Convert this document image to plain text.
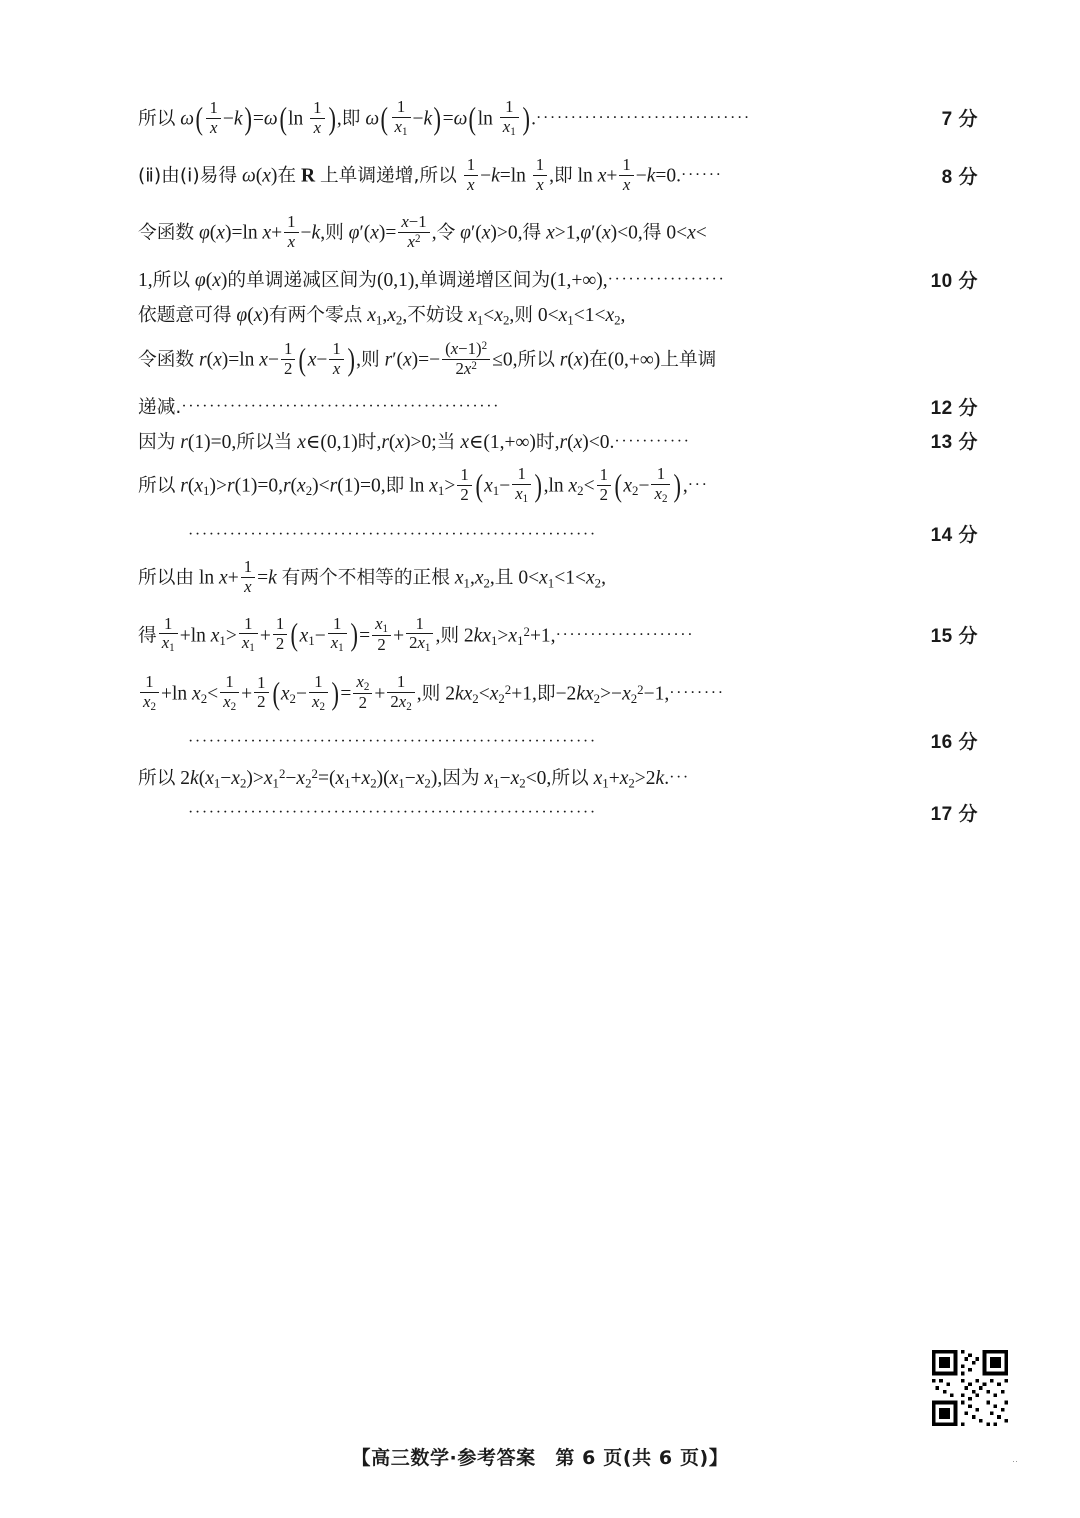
所以 $\omega( \frac{1}{x} -k)=\omega(\ln \frac{1}{x}$ ),即 $\omega( \frac{1}{x_1} -k)=\omega(\ln \frac{1}{x_1}$ ).·······························	7 分
(ⅱ)由(ⅰ)易得 ω(x)在 R 上单调递增,所以 $\frac{1}{x} -k=\ln \frac{1}{x}$ ,即 $\ln x+ \frac{1}{x} -k=0.\cdot\cdot\cdot\cdot\cdot\cdot$	8 分
令函数 φ(x)=ln $x+ \frac{1}{x} -k$,则 $\varphi'(x)= \frac{x-1}{x^2}$ ,令 φ′(x)>0,得 x>1,φ′(x)<0,得 0<x<
1,所以 φ(x)的单调递减区间为(0,1),单调递增区间为(1,+∞),·················	10 分
依题意可得 φ(x)有两个零点 $x_1,x_2$,不妨设 $x_1<x_2$,则 $0<x_1<1<x_2$,
令函数 r(x)=ln $x- \frac{1}{2} (x- \frac{1}{x}$ ),则 $r'(x)=- \frac{(x-1)^2}{2x^2} \le 0$,所以 r(x)在(0,+∞)上单调
递减.··············································	12 分
因为 r(1)=0,所以当 x∈(0,1)时,r(x)>0;当 x∈(1,+∞)时,r(x)<0.···········	13 分
所以 $r(x_1)>r(1)=0,r(x_2)<r(1)=0$,即 $\ln x_1> \frac{1}{2} (x_1- \frac{1}{x_1} ),\ln$ $x_2< \frac{1}{2} (x_2- \frac{1}{x_2}$ ),···
···························································	14 分
所以由 $\ln x+ \frac{1}{x} =k$ 有两个不相等的正根 $x_1,x_2$,且 $0<x_1<1<x_2$,
得 $\frac{1}{x_1} +\ln$ $x_1> \frac{1}{x_1} + \frac{1}{2} (x_1- \frac{1}{x_1}$ )= $\frac{x_1}{2} + \frac{1}{2x_1}$ ,则 $2kx_1>x_1^2+1,\cdot\cdot\cdot\cdot\cdot\cdot\cdot\cdot\cdot\cdot\cdot\cdot\cdot\cdot\cdot\cdot\cdot\cdot\cdot\cdot$	15 分
$\frac{1}{x_2} +\ln$ $x_2< \frac{1}{x_2} + \frac{1}{2} (x_2- \frac{1}{x_2}$ )= $\frac{x_2}{2} + \frac{1}{2x_2}$ ,则 $2kx_2<x_2^2+1$,即$-2kx_2>-x_2^2-1,\cdot\cdot\cdot\cdot\cdot\cdot\cdot\cdot$
···························································	16 分
所以 $2k(x_1-x_2)>x_1^2-x_2^2=(x_1+x_2)(x_1-x_2)$,因为 $x_1-x_2<0$,所以 $x_1+x_2>2k.\cdot\cdot\cdot$
···························································	17 分
【高三数学·参考答案　第 6 页(共 6 页)】	··
